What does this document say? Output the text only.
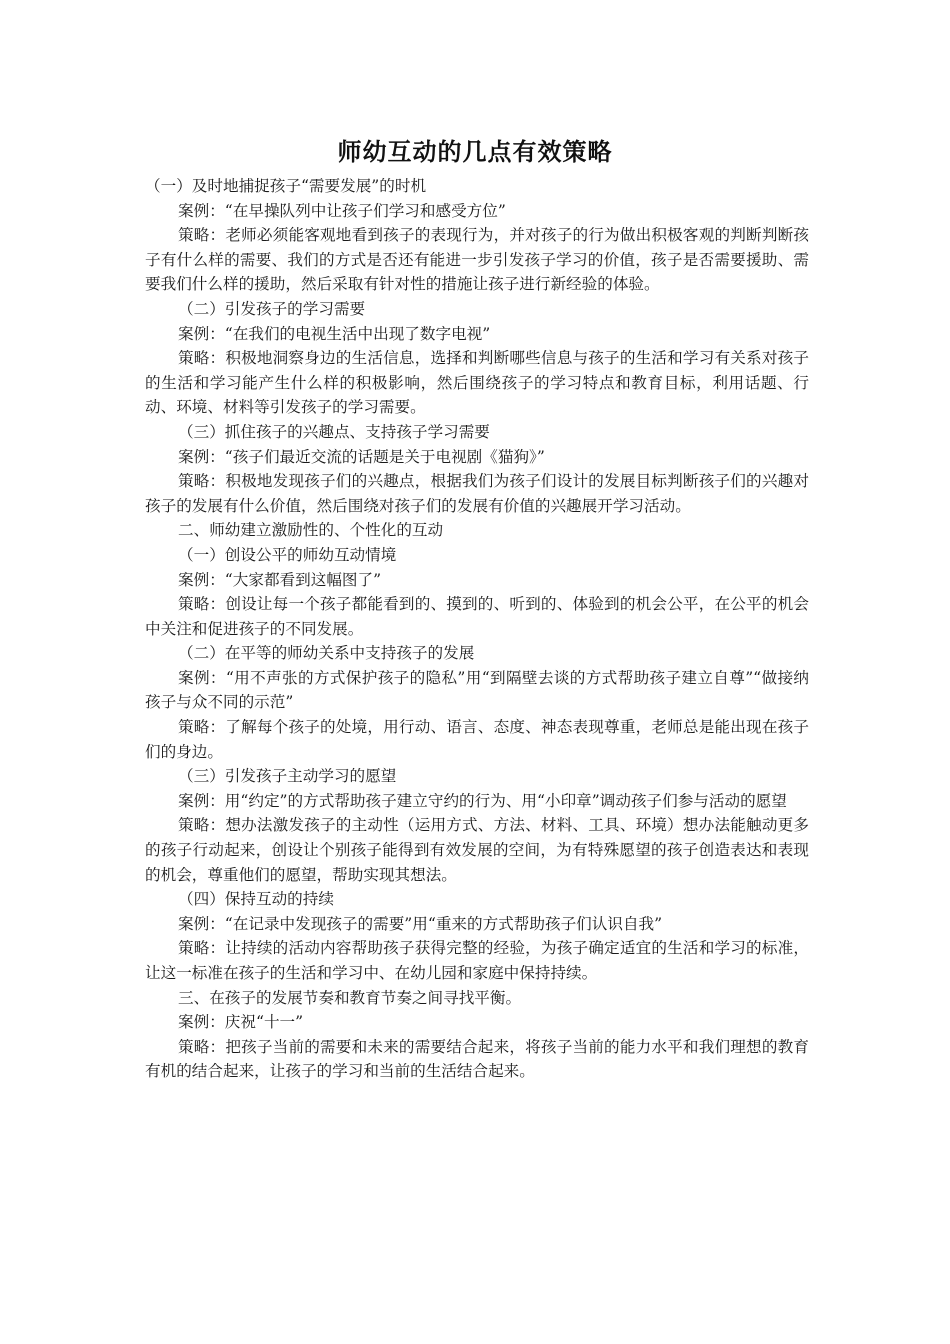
师幼互动的几点有效策略

（一）及时地捕捉孩子“需要发展”的时机

案例：“在早操队列中让孩子们学习和感受方位”

策略：老师必须能客观地看到孩子的表现行为，并对孩子的行为做出积极客观的判断判断孩子有什么样的需要、我们的方式是否还有能进一步引发孩子学习的价值，孩子是否需要援助、需要我们什么样的援助，然后采取有针对性的措施让孩子进行新经验的体验。

（二）引发孩子的学习需要

案例：“在我们的电视生活中出现了数字电视”

策略：积极地洞察身边的生活信息，选择和判断哪些信息与孩子的生活和学习有关系对孩子的生活和学习能产生什么样的积极影响，然后围绕孩子的学习特点和教育目标，利用话题、行动、环境、材料等引发孩子的学习需要。

（三）抓住孩子的兴趣点、支持孩子学习需要

案例：“孩子们最近交流的话题是关于电视剧《猫狗》”

策略：积极地发现孩子们的兴趣点，根据我们为孩子们设计的发展目标判断孩子们的兴趣对孩子的发展有什么价值，然后围绕对孩子们的发展有价值的兴趣展开学习活动。

二、师幼建立激励性的、个性化的互动

（一）创设公平的师幼互动情境

案例：“大家都看到这幅图了”

策略：创设让每一个孩子都能看到的、摸到的、听到的、体验到的机会公平，在公平的机会中关注和促进孩子的不同发展。

（二）在平等的师幼关系中支持孩子的发展

案例：“用不声张的方式保护孩子的隐私”用“到隔壁去谈的方式帮助孩子建立自尊”“做接纳孩子与众不同的示范”

策略：了解每个孩子的处境，用行动、语言、态度、神态表现尊重，老师总是能出现在孩子们的身边。

（三）引发孩子主动学习的愿望

案例：用“约定”的方式帮助孩子建立守约的行为、用“小印章”调动孩子们参与活动的愿望

策略：想办法激发孩子的主动性（运用方式、方法、材料、工具、环境）想办法能触动更多的孩子行动起来，创设让个别孩子能得到有效发展的空间，为有特殊愿望的孩子创造表达和表现的机会，尊重他们的愿望，帮助实现其想法。

（四）保持互动的持续

案例：“在记录中发现孩子的需要”用“重来的方式帮助孩子们认识自我”

策略：让持续的活动内容帮助孩子获得完整的经验，为孩子确定适宜的生活和学习的标准，让这一标准在孩子的生活和学习中、在幼儿园和家庭中保持持续。

三、在孩子的发展节奏和教育节奏之间寻找平衡。

案例：庆祝“十一”

策略：把孩子当前的需要和未来的需要结合起来，将孩子当前的能力水平和我们理想的教育有机的结合起来，让孩子的学习和当前的生活结合起来。
